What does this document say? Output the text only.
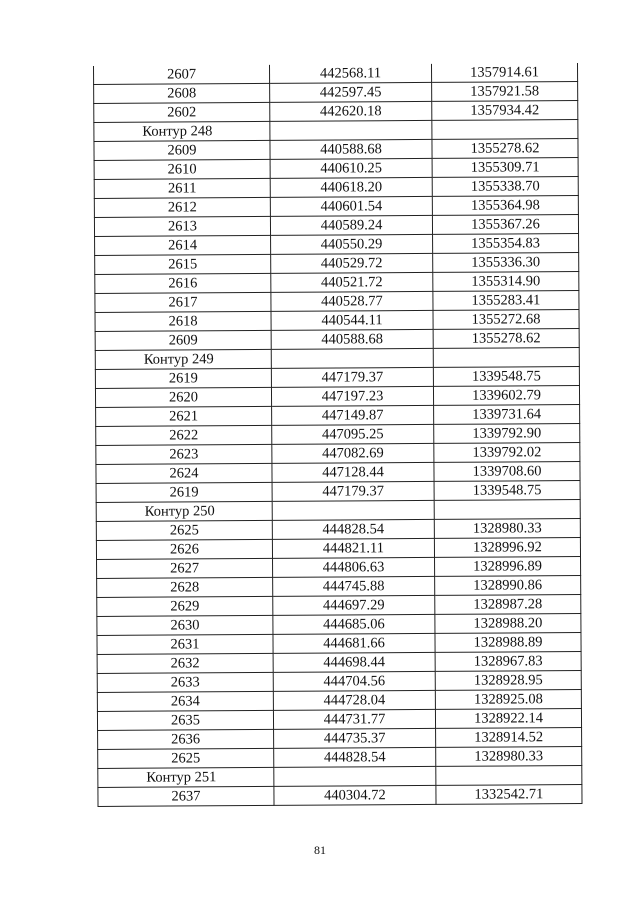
2607	442568.11	1357914.61
2608	442597.45	1357921.58
2602	442620.18	1357934.42
Контур 248		
2609	440588.68	1355278.62
2610	440610.25	1355309.71
2611	440618.20	1355338.70
2612	440601.54	1355364.98
2613	440589.24	1355367.26
2614	440550.29	1355354.83
2615	440529.72	1355336.30
2616	440521.72	1355314.90
2617	440528.77	1355283.41
2618	440544.11	1355272.68
2609	440588.68	1355278.62
Контур 249		
2619	447179.37	1339548.75
2620	447197.23	1339602.79
2621	447149.87	1339731.64
2622	447095.25	1339792.90
2623	447082.69	1339792.02
2624	447128.44	1339708.60
2619	447179.37	1339548.75
Контур 250		
2625	444828.54	1328980.33
2626	444821.11	1328996.92
2627	444806.63	1328996.89
2628	444745.88	1328990.86
2629	444697.29	1328987.28
2630	444685.06	1328988.20
2631	444681.66	1328988.89
2632	444698.44	1328967.83
2633	444704.56	1328928.95
2634	444728.04	1328925.08
2635	444731.77	1328922.14
2636	444735.37	1328914.52
2625	444828.54	1328980.33
Контур 251		
2637	440304.72	1332542.71
81
